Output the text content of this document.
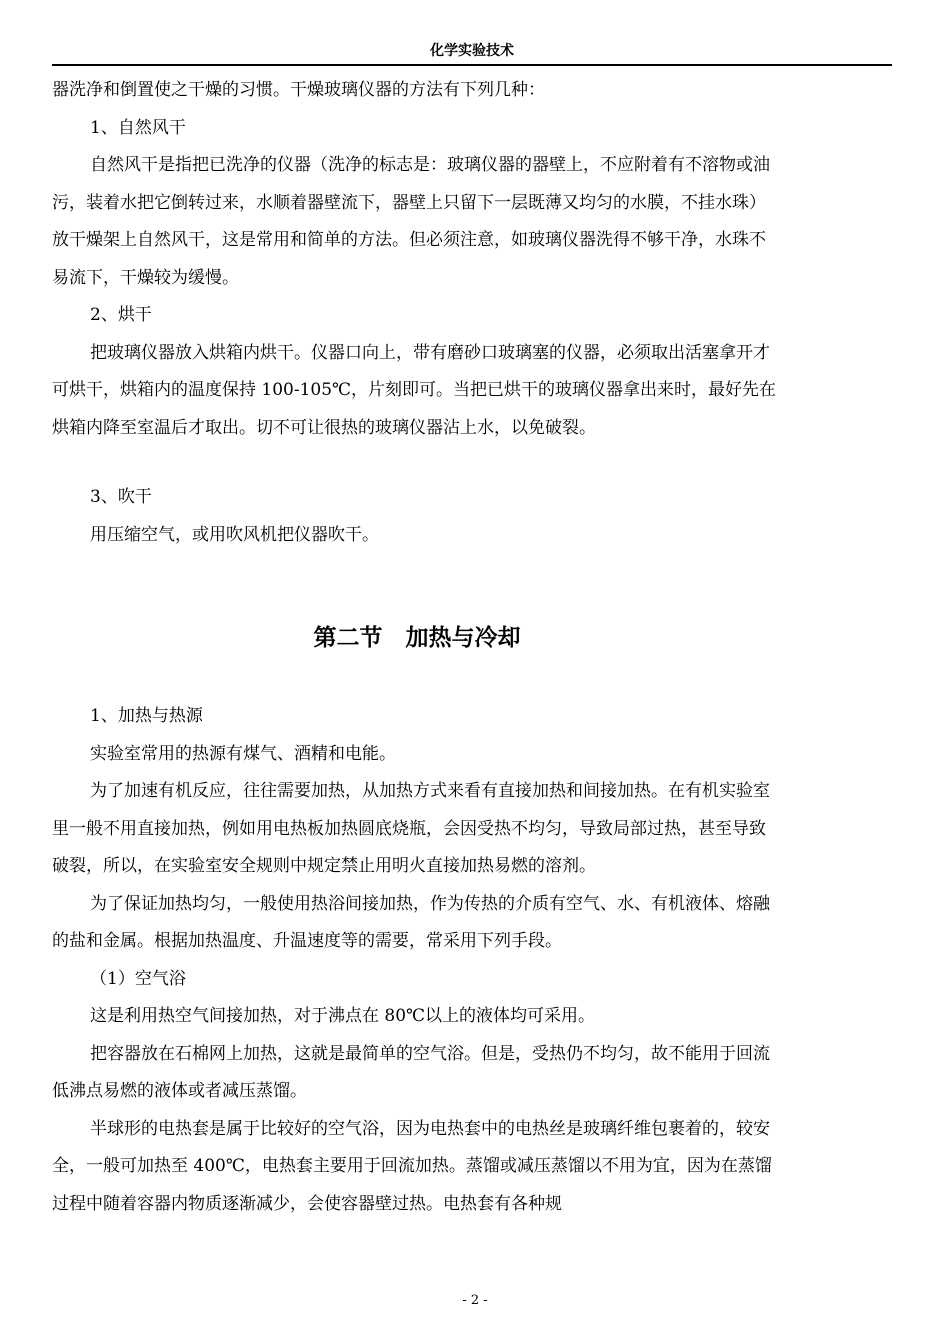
化学实验技术

器洗净和倒置使之干燥的习惯。干燥玻璃仪器的方法有下列几种：

1、自然风干

自然风干是指把已洗净的仪器（洗净的标志是：玻璃仪器的器壁上，不应附着有不溶物或油污，装着水把它倒转过来，水顺着器壁流下，器壁上只留下一层既薄又均匀的水膜，不挂水珠）放干燥架上自然风干，这是常用和简单的方法。但必须注意，如玻璃仪器洗得不够干净，水珠不易流下，干燥较为缓慢。

2、烘干

把玻璃仪器放入烘箱内烘干。仪器口向上，带有磨砂口玻璃塞的仪器，必须取出活塞拿开才可烘干，烘箱内的温度保持 100-105℃，片刻即可。当把已烘干的玻璃仪器拿出来时，最好先在烘箱内降至室温后才取出。切不可让很热的玻璃仪器沾上水，以免破裂。

3、吹干

用压缩空气，或用吹风机把仪器吹干。

第二节　加热与冷却

1、加热与热源

实验室常用的热源有煤气、酒精和电能。

为了加速有机反应，往往需要加热，从加热方式来看有直接加热和间接加热。在有机实验室里一般不用直接加热，例如用电热板加热圆底烧瓶，会因受热不均匀，导致局部过热，甚至导致破裂，所以，在实验室安全规则中规定禁止用明火直接加热易燃的溶剂。

为了保证加热均匀，一般使用热浴间接加热，作为传热的介质有空气、水、有机液体、熔融的盐和金属。根据加热温度、升温速度等的需要，常采用下列手段。

（1）空气浴

这是利用热空气间接加热，对于沸点在 80℃以上的液体均可采用。

把容器放在石棉网上加热，这就是最简单的空气浴。但是，受热仍不均匀，故不能用于回流低沸点易燃的液体或者减压蒸馏。

半球形的电热套是属于比较好的空气浴，因为电热套中的电热丝是玻璃纤维包裹着的，较安全，一般可加热至 400℃，电热套主要用于回流加热。蒸馏或减压蒸馏以不用为宜，因为在蒸馏过程中随着容器内物质逐渐减少，会使容器壁过热。电热套有各种规

- 2 -
